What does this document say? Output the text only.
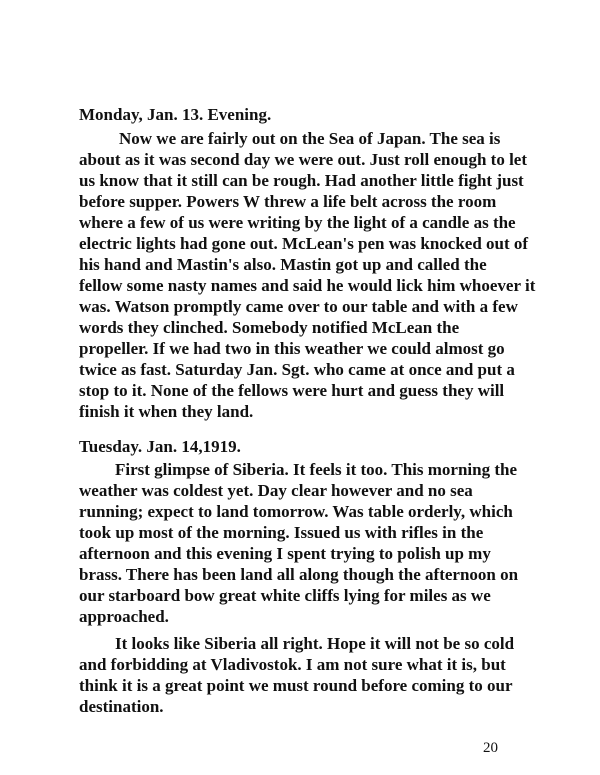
Monday, Jan. 13. Evening.
Now we are fairly out on the Sea of Japan. The sea is
about as it was second day we were out. Just roll enough to let
us know that it still can be rough. Had another little fight just
before supper. Powers W threw a life belt across the room
where a few of us were writing by the light of a candle as the
electric lights had gone out. McLean's pen was knocked out of
his hand and Mastin's also. Mastin got up and called the
fellow some nasty names and said he would lick him whoever it
was. Watson promptly came over to our table and with a few
words they clinched. Somebody notified McLean the
propeller. If we had two in this weather we could almost go
twice as fast. Saturday Jan. Sgt. who came at once and put a
stop to it. None of the fellows were hurt and guess they will
finish it when they land.
Tuesday. Jan. 14,1919.
First glimpse of Siberia. It feels it too. This morning the
weather was coldest yet. Day clear however and no sea
running; expect to land tomorrow. Was table orderly, which
took up most of the morning. Issued us with rifles in the
afternoon and this evening I spent trying to polish up my
brass. There has been land all along though the afternoon on
our starboard bow great white cliffs lying for miles as we
approached.
It looks like Siberia all right. Hope it will not be so cold
and forbidding at Vladivostok. I am not sure what it is, but
think it is a great point we must round before coming to our
destination.
20
